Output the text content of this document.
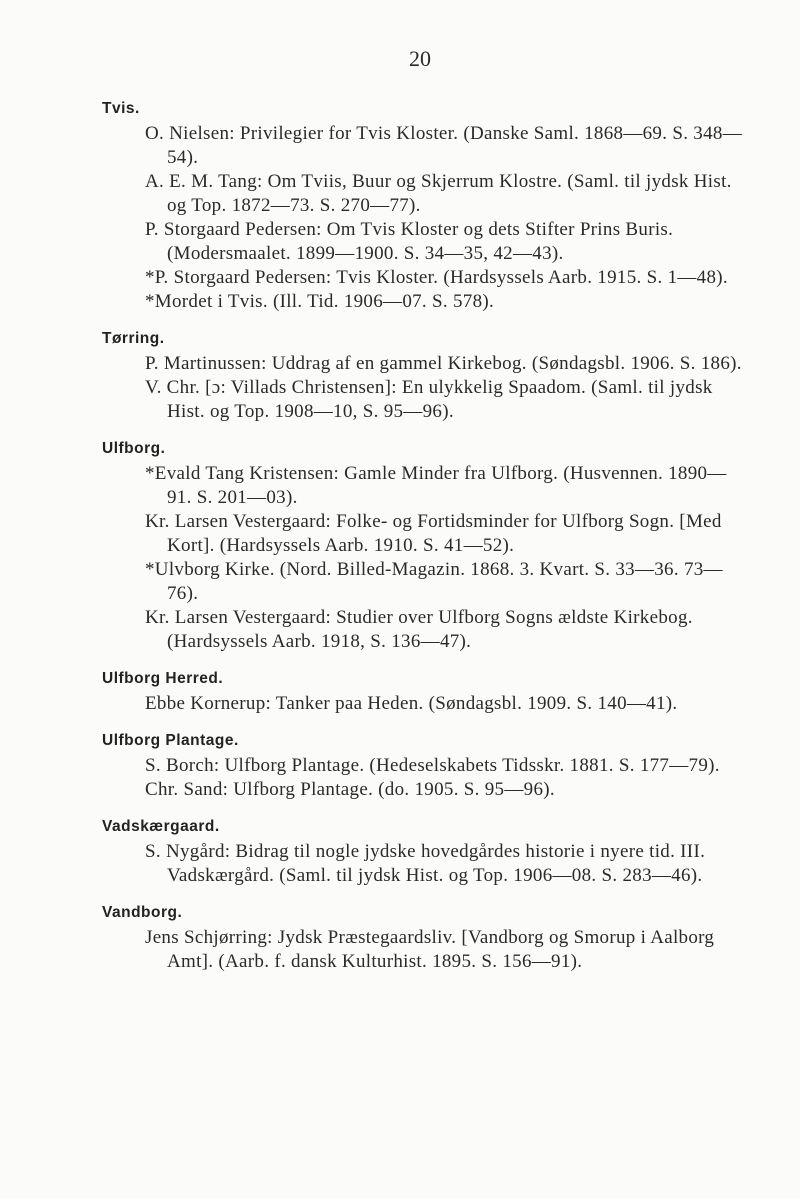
20
Tvis.

O. Nielsen: Privilegier for Tvis Kloster. (Danske Saml. 1868—69. S. 348—54).

A. E. M. Tang: Om Tviis, Buur og Skjerrum Klostre. (Saml. til jydsk Hist. og Top. 1872—73. S. 270—77).

P. Storgaard Pedersen: Om Tvis Kloster og dets Stifter Prins Buris. (Modersmaalet. 1899—1900. S. 34—35, 42—43).

*P. Storgaard Pedersen: Tvis Kloster. (Hardsyssels Aarb. 1915. S. 1—48).

*Mordet i Tvis. (Ill. Tid. 1906—07. S. 578).

Tørring.

P. Martinussen: Uddrag af en gammel Kirkebog. (Søndagsbl. 1906. S. 186).

V. Chr. [ɔ: Villads Christensen]: En ulykkelig Spaadom. (Saml. til jydsk Hist. og Top. 1908—10, S. 95—96).

Ulfborg.

*Evald Tang Kristensen: Gamle Minder fra Ulfborg. (Husvennen. 1890—91. S. 201—03).

Kr. Larsen Vestergaard: Folke- og Fortidsminder for Ulfborg Sogn. [Med Kort]. (Hardsyssels Aarb. 1910. S. 41—52).

*Ulvborg Kirke. (Nord. Billed-Magazin. 1868. 3. Kvart. S. 33—36. 73—76).

Kr. Larsen Vestergaard: Studier over Ulfborg Sogns ældste Kirkebog. (Hardsyssels Aarb. 1918, S. 136—47).

Ulfborg Herred.

Ebbe Kornerup: Tanker paa Heden. (Søndagsbl. 1909. S. 140—41).

Ulfborg Plantage.

S. Borch: Ulfborg Plantage. (Hedeselskabets Tidsskr. 1881. S. 177—79).

Chr. Sand: Ulfborg Plantage. (do. 1905. S. 95—96).

Vadskærgaard.

S. Nygård: Bidrag til nogle jydske hovedgårdes historie i nyere tid. III. Vadskærgård. (Saml. til jydsk Hist. og Top. 1906—08. S. 283—46).

Vandborg.

Jens Schjørring: Jydsk Præstegaardsliv. [Vandborg og Smorup i Aalborg Amt]. (Aarb. f. dansk Kulturhist. 1895. S. 156—91).
